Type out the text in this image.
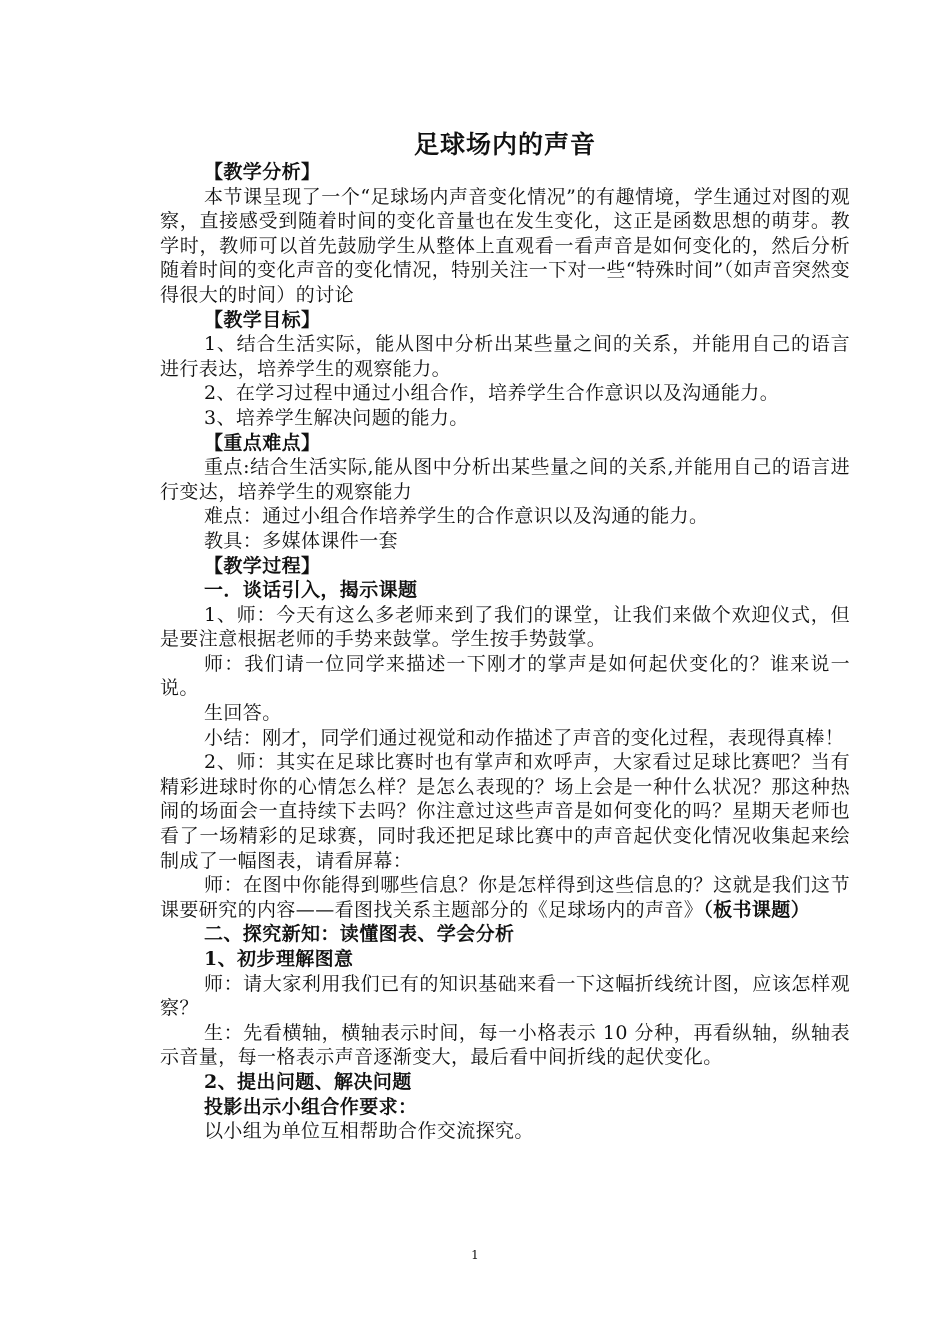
足球场内的声音

【教学分析】

本节课呈现了一个“足球场内声音变化情况”的有趣情境，学生通过对图的观察，直接感受到随着时间的变化音量也在发生变化，这正是函数思想的萌芽。教学时，教师可以首先鼓励学生从整体上直观看一看声音是如何变化的，然后分析随着时间的变化声音的变化情况，特别关注一下对一些“特殊时间”（如声音突然变得很大的时间）的讨论

【教学目标】

1、结合生活实际，能从图中分析出某些量之间的关系，并能用自己的语言进行表达，培养学生的观察能力。

2、在学习过程中通过小组合作，培养学生合作意识以及沟通能力。

3、培养学生解决问题的能力。

【重点难点】

重点:结合生活实际,能从图中分析出某些量之间的关系,并能用自己的语言进行变达，培养学生的观察能力

难点：通过小组合作培养学生的合作意识以及沟通的能力。

教具：多媒体课件一套

【教学过程】

一．谈话引入，揭示课题

1、师：今天有这么多老师来到了我们的课堂，让我们来做个欢迎仪式，但是要注意根据老师的手势来鼓掌。学生按手势鼓掌。

师：我们请一位同学来描述一下刚才的掌声是如何起伏变化的？谁来说一说。

生回答。

小结：刚才，同学们通过视觉和动作描述了声音的变化过程，表现得真棒！

2、师：其实在足球比赛时也有掌声和欢呼声，大家看过足球比赛吧？当有精彩进球时你的心情怎么样？是怎么表现的？场上会是一种什么状况？那这种热闹的场面会一直持续下去吗？你注意过这些声音是如何变化的吗？星期天老师也看了一场精彩的足球赛，同时我还把足球比赛中的声音起伏变化情况收集起来绘制成了一幅图表，请看屏幕：

师：在图中你能得到哪些信息？你是怎样得到这些信息的？这就是我们这节课要研究的内容——看图找关系主题部分的《足球场内的声音》（板书课题）

二、探究新知：读懂图表、学会分析

1、初步理解图意

师：请大家利用我们已有的知识基础来看一下这幅折线统计图，应该怎样观察？

生：先看横轴，横轴表示时间，每一小格表示 10 分种，再看纵轴，纵轴表示音量，每一格表示声音逐渐变大，最后看中间折线的起伏变化。

2、提出问题、解决问题

投影出示小组合作要求：

以小组为单位互相帮助合作交流探究。

1
